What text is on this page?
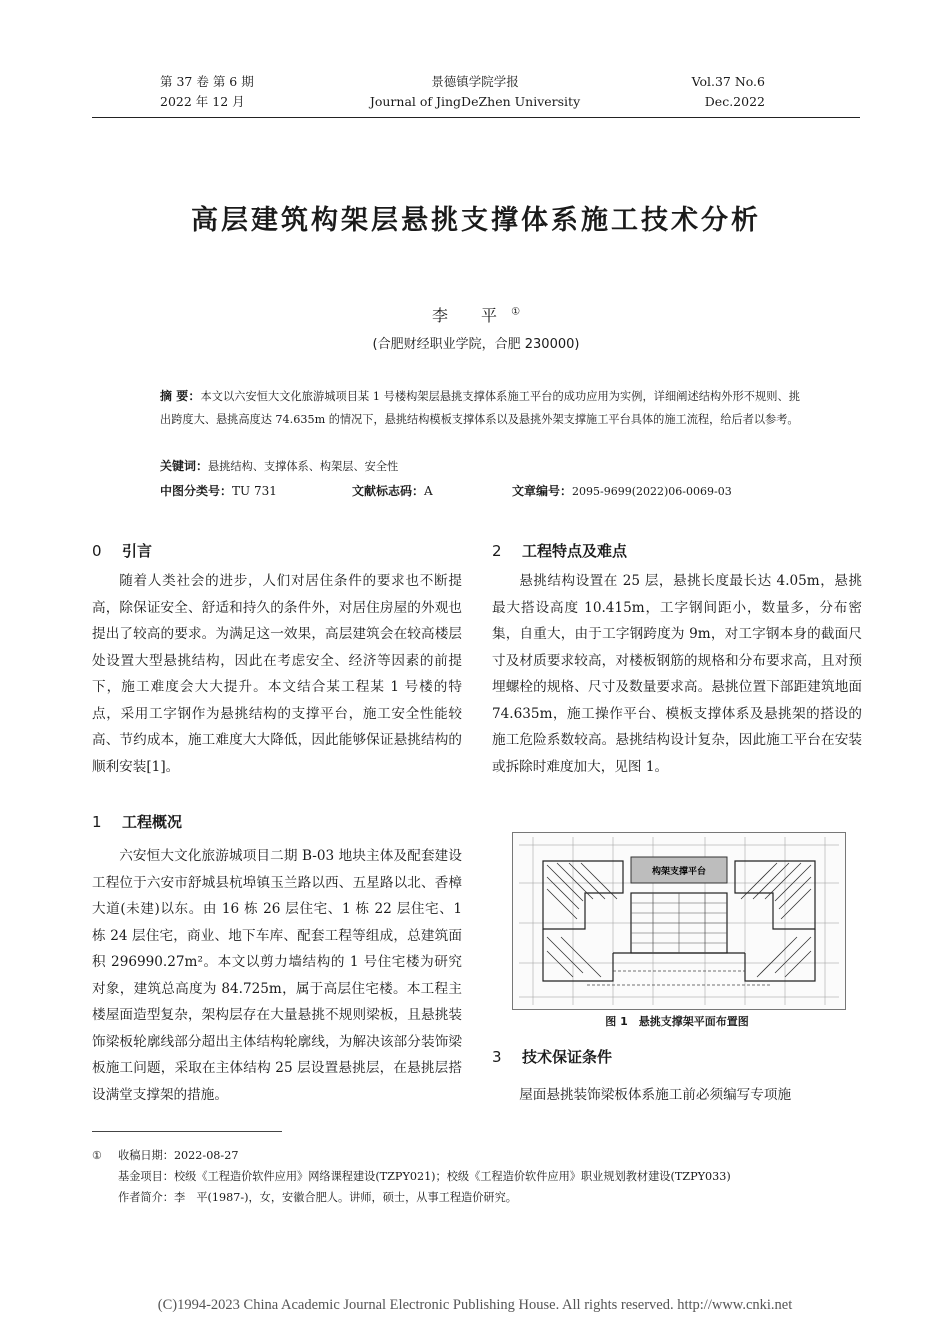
第 37 卷 第 6 期
2022 年 12 月
景德镇学院学报
Journal of JingDeZhen University
Vol.37 No.6
Dec.2022
高层建筑构架层悬挑支撑体系施工技术分析
李 平①
(合肥财经职业学院，合肥 230000)
摘 要：本文以六安恒大文化旅游城项目某 1 号楼构架层悬挑支撑体系施工平台的成功应用为实例，详细阐述结构外形不规则、挑出跨度大、悬挑高度达 74.635m 的情况下，悬挑结构模板支撑体系以及悬挑外架支撑施工平台具体的施工流程，给后者以参考。
关键词：悬挑结构、支撑体系、构架层、安全性
中图分类号：TU 731	文献标志码：A	文章编号：2095-9699(2022)06-0069-03
0 引言

随着人类社会的进步，人们对居住条件的要求也不断提高，除保证安全、舒适和持久的条件外，对居住房屋的外观也提出了较高的要求。为满足这一效果，高层建筑会在较高楼层处设置大型悬挑结构，因此在考虑安全、经济等因素的前提下，施工难度会大大提升。本文结合某工程某 1 号楼的特点，采用工字钢作为悬挑结构的支撑平台，施工安全性能较高、节约成本，施工难度大大降低，因此能够保证悬挑结构的顺利安装[1]。

1 工程概况

六安恒大文化旅游城项目二期 B-03 地块主体及配套建设工程位于六安市舒城县杭埠镇玉兰路以西、五星路以北、香樟大道(未建)以东。由 16 栋 26 层住宅、1 栋 22 层住宅、1 栋 24 层住宅，商业、地下车库、配套工程等组成，总建筑面积 296990.27m²。本文以剪力墙结构的 1 号住宅楼为研究对象，建筑总高度为 84.725m，属于高层住宅楼。本工程主楼屋面造型复杂，架构层存在大量悬挑不规则梁板，且悬挑装饰梁板轮廓线部分超出主体结构轮廓线，为解决该部分装饰梁板施工问题，采取在主体结构 25 层设置悬挑层，在悬挑层搭设满堂支撑架的措施。

2 工程特点及难点

悬挑结构设置在 25 层，悬挑长度最长达 4.05m，悬挑最大搭设高度 10.415m，工字钢间距小，数量多，分布密集，自重大，由于工字钢跨度为 9m，对工字钢本身的截面尺寸及材质要求较高，对楼板钢筋的规格和分布要求高，且对预埋螺栓的规格、尺寸及数量要求高。悬挑位置下部距建筑地面 74.635m，施工操作平台、模板支撑体系及悬挑架的搭设的施工危险系数较高。悬挑结构设计复杂，因此施工平台在安装或拆除时难度加大，见图 1。

构架支撑平台
图 1　悬挑支撑架平面布置图
3 技术保证条件

屋面悬挑装饰梁板体系施工前必须编写专项施

① 收稿日期：2022-08-27
基金项目：校级《工程造价软件应用》网络课程建设(TZPY021)；校级《工程造价软件应用》职业规划教材建设(TZPY033)
作者简介：李　平(1987-)，女，安徽合肥人。讲师，硕士，从事工程造价研究。
(C)1994-2023 China Academic Journal Electronic Publishing House. All rights reserved. http://www.cnki.net
